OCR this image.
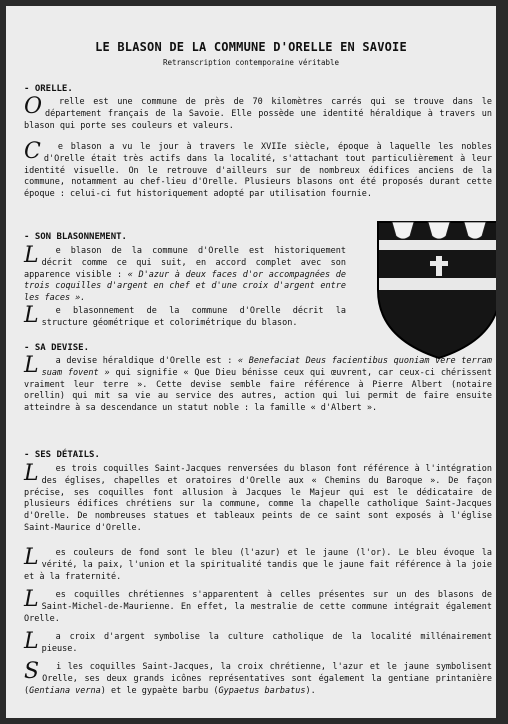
LE BLASON DE LA COMMUNE D'ORELLE EN SAVOIE
Retranscription contemporaine véritable
- ORELLE.
O relle est une commune de près de 70 kilomètres carrés qui se trouve dans le département français de la Savoie. Elle possède une identité héraldique à travers un blason qui porte ses couleurs et valeurs.
C e blason a vu le jour à travers le XVIIe siècle, époque à laquelle les nobles d'Orelle était très actifs dans la localité, s'attachant tout particulièrement à leur identité visuelle. On le retrouve d'ailleurs sur de nombreux édifices anciens de la commune, notamment au chef-lieu d'Orelle. Plusieurs blasons ont été proposés durant cette époque : celui-ci fut historiquement adopté par utilisation fournie.
- SON BLASONNEMENT.
L e blason de la commune d'Orelle est historiquement décrit comme ce qui suit, en accord complet avec son apparence visible : « D'azur à deux faces d'or accompagnées de trois coquilles d'argent en chef et d'une croix d'argent entre les faces ».
L e blasonnement de la commune d'Orelle décrit la structure géométrique et colorimétrique du blason.
- SA DEVISE.
L a devise héraldique d'Orelle est : « Benefaciat Deus facientibus quoniam vere terram suam fovent » qui signifie « Que Dieu bénisse ceux qui œuvrent, car ceux-ci chérissent vraiment leur terre ». Cette devise semble faire référence à Pierre Albert (notaire orellin) qui mit sa vie au service des autres, action qui lui permit de faire ensuite atteindre à sa descendance un statut noble : la famille « d'Albert ».
- SES DÉTAILS.
L es trois coquilles Saint-Jacques renversées du blason font référence à l'intégration des églises, chapelles et oratoires d'Orelle aux « Chemins du Baroque ». De façon précise, ses coquilles font allusion à Jacques le Majeur qui est le dédicataire de plusieurs édifices chrétiens sur la commune, comme la chapelle catholique Saint-Jacques d'Orelle. De nombreuses statues et tableaux peints de ce saint sont exposés à l'église Saint-Maurice d'Orelle.
L es couleurs de fond sont le bleu (l'azur) et le jaune (l'or). Le bleu évoque la vérité, la paix, l'union et la spiritualité tandis que le jaune fait référence à la joie et à la fraternité.
L es coquilles chrétiennes s'apparentent à celles présentes sur un des blasons de Saint-Michel-de-Maurienne. En effet, la mestralie de cette commune intégrait également Orelle.
L a croix d'argent symbolise la culture catholique de la localité millénairement pieuse.
S i les coquilles Saint-Jacques, la croix chrétienne, l'azur et le jaune symbolisent Orelle, ses deux grands icônes représentatives sont également la gentiane printanière (Gentiana verna) et le gypaète barbu (Gypaetus barbatus).
